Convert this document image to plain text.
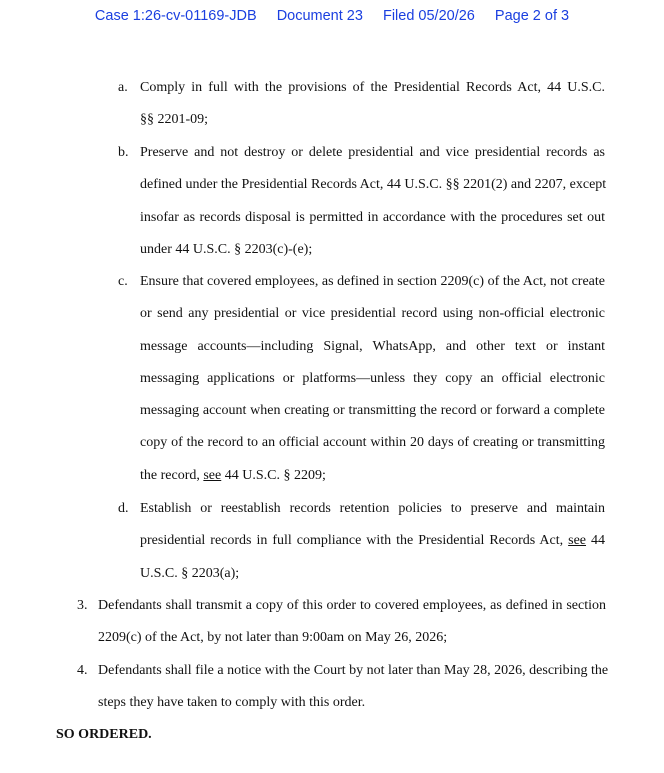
Case 1:26-cv-01169-JDB Document 23 Filed 05/20/26 Page 2 of 3
a. Comply in full with the provisions of the Presidential Records Act, 44 U.S.C.
§§ 2201-09;
b. Preserve and not destroy or delete presidential and vice presidential records as
defined under the Presidential Records Act, 44 U.S.C. §§ 2201(2) and 2207, except
insofar as records disposal is permitted in accordance with the procedures set out
under 44 U.S.C. § 2203(c)-(e);
c. Ensure that covered employees, as defined in section 2209(c) of the Act, not create
or send any presidential or vice presidential record using non-official electronic
message accounts—including Signal, WhatsApp, and other text or instant
messaging applications or platforms—unless they copy an official electronic
messaging account when creating or transmitting the record or forward a complete
copy of the record to an official account within 20 days of creating or transmitting
the record, see 44 U.S.C. § 2209;
d. Establish or reestablish records retention policies to preserve and maintain
presidential records in full compliance with the Presidential Records Act, see 44
U.S.C. § 2203(a);
3. Defendants shall transmit a copy of this order to covered employees, as defined in section
2209(c) of the Act, by not later than 9:00am on May 26, 2026;
4. Defendants shall file a notice with the Court by not later than May 28, 2026, describing the
steps they have taken to comply with this order.
SO ORDERED.
